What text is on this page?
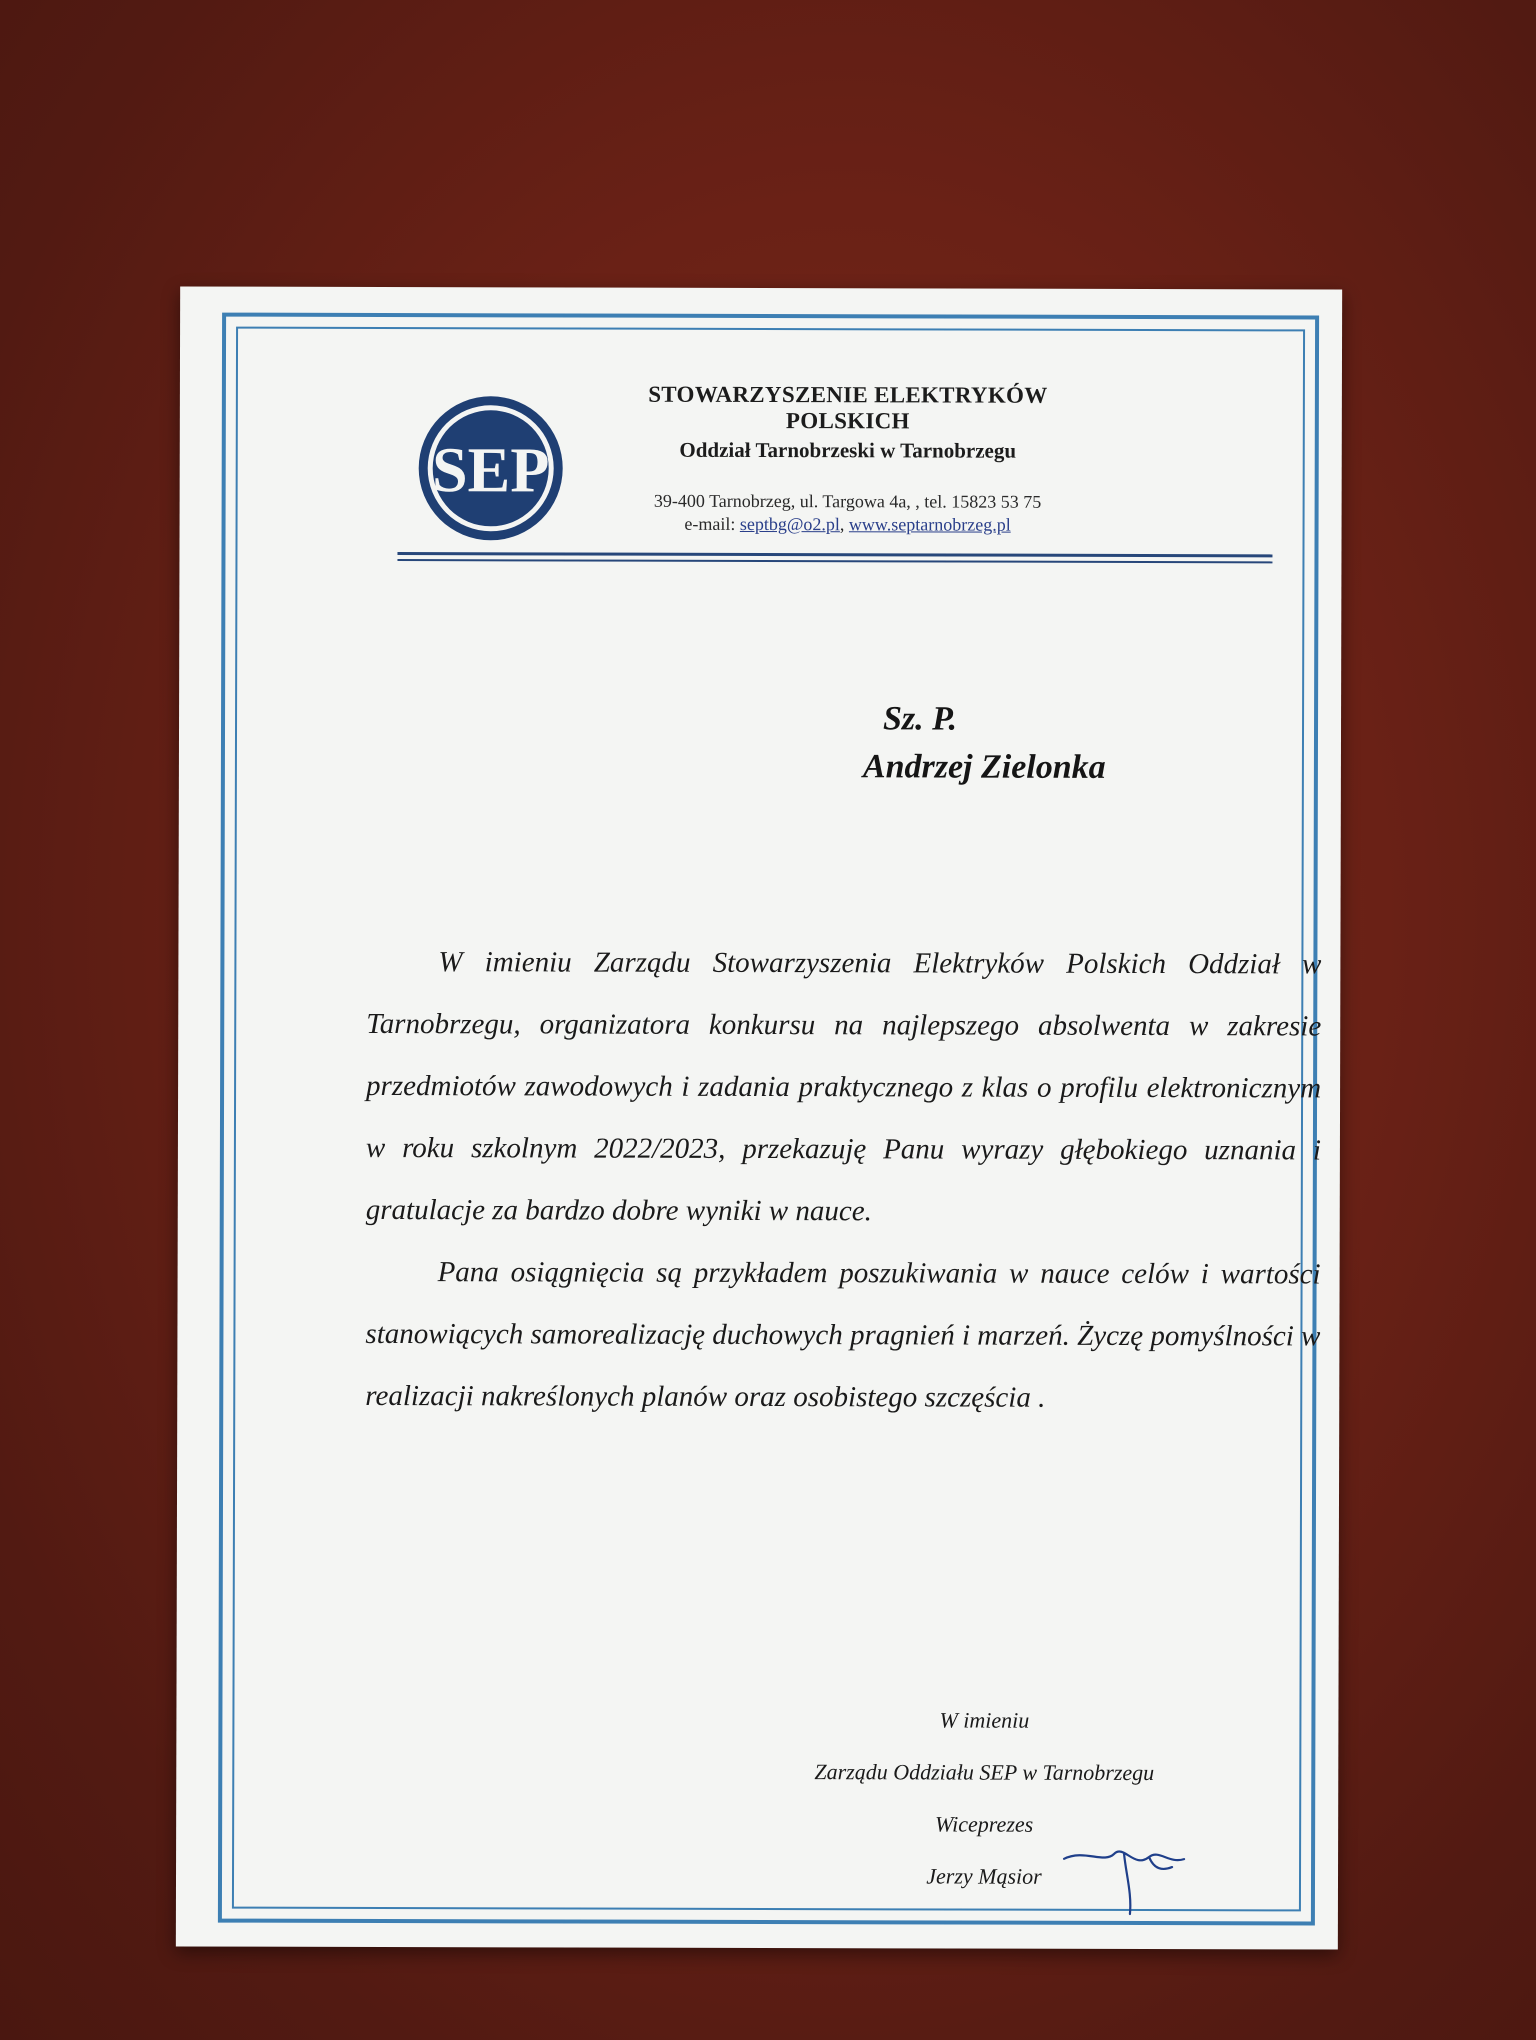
SEP
STOWARZYSZENIE ELEKTRYKÓW POLSKICH
Oddział Tarnobrzeski w Tarnobrzegu
39-400 Tarnobrzeg, ul. Targowa 4a, , tel. 15823 53 75
e-mail: septbg@o2.pl, www.septarnobrzeg.pl
Sz. P.
Andrzej Zielonka

W imieniu Zarządu Stowarzyszenia Elektryków Polskich Oddział w Tarnobrzegu, organizatora konkursu na najlepszego absolwenta w zakresie przedmiotów zawodowych i zadania praktycznego z klas o profilu elektronicznym w roku szkolnym 2022/2023, przekazuję Panu wyrazy głębokiego uznania i gratulacje za bardzo dobre wyniki w nauce.

Pana osiągnięcia są przykładem poszukiwania w nauce celów i wartości stanowiących samorealizację duchowych pragnień i marzeń. Życzę pomyślności w realizacji nakreślonych planów oraz osobistego szczęścia .

W imieniu
Zarządu Oddziału SEP w Tarnobrzegu
Wiceprezes
Jerzy Mąsior
